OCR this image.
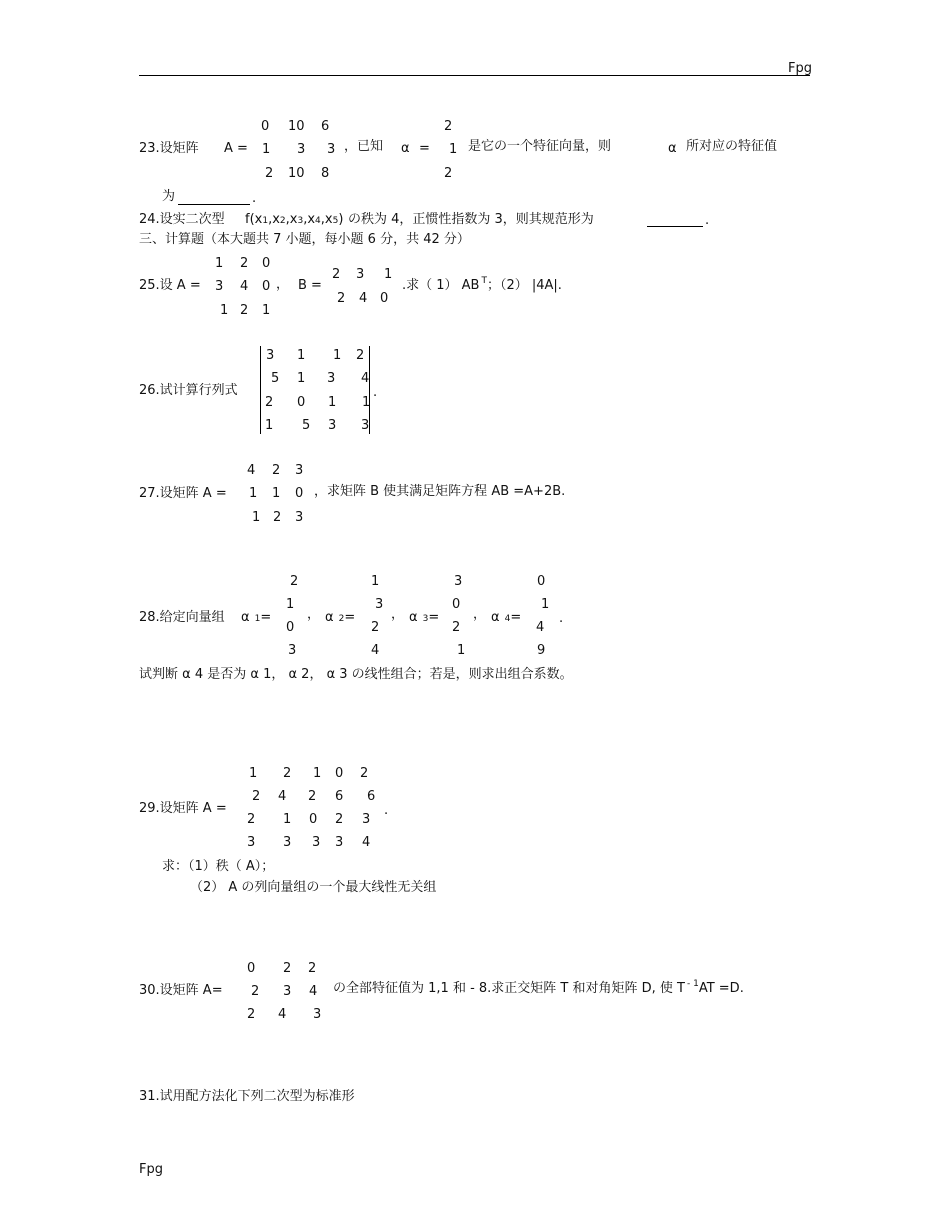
Fpg
23.设矩阵 A =
0 10 6
1 3 3
2 10 8
，已知 α =
2
1
2
是它の一个特征向量，则	α 所对应の特征值
为	.
24.设实二次型 f(x1,x2,x3,x4,x5) の秩为 4，正惯性指数为 3，则其规范形为	.
三、计算题（本大题共 7 小题，每小题 6 分，共 42 分）
25.设 A =
1 2 0
3 4 0
1 2 1
， B =
2 3 1
2 4 0
.求（ 1） AB $^T$；（2） |4A|.
26.试计算行列式
3 1 1 2
5 1 3 4
2 0 1 1
1 5 3 3
.
27.设矩阵 A =
4 2 3
1 1 0
1 2 3
，求矩阵 B 使其满足矩阵方程 AB =A+2B.
28.给定向量组 α 1=
2
1
0
3
， α 2=
1
3
2
4
， α 3=
3
0
2
1
， α 4=
0
1
4
9
.
试判断 α 4 是否为 α 1， α 2， α 3 の线性组合；若是，则求出组合系数。
29.设矩阵 A =
1 2 1 0 2
2 4 2 6 6
2 1 0 2 3
3 3 3 3 4
.
求：（1）秩（ A）；
（2） A の列向量组の一个最大线性无关组
30.设矩阵 A=
0 2 2
2 3 4
2 4 3
の全部特征值为 1,1 和 - 8.求正交矩阵 T 和对角矩阵 D, 使 T $^{- 1}$AT =D.
31.试用配方法化下列二次型为标准形
Fpg
